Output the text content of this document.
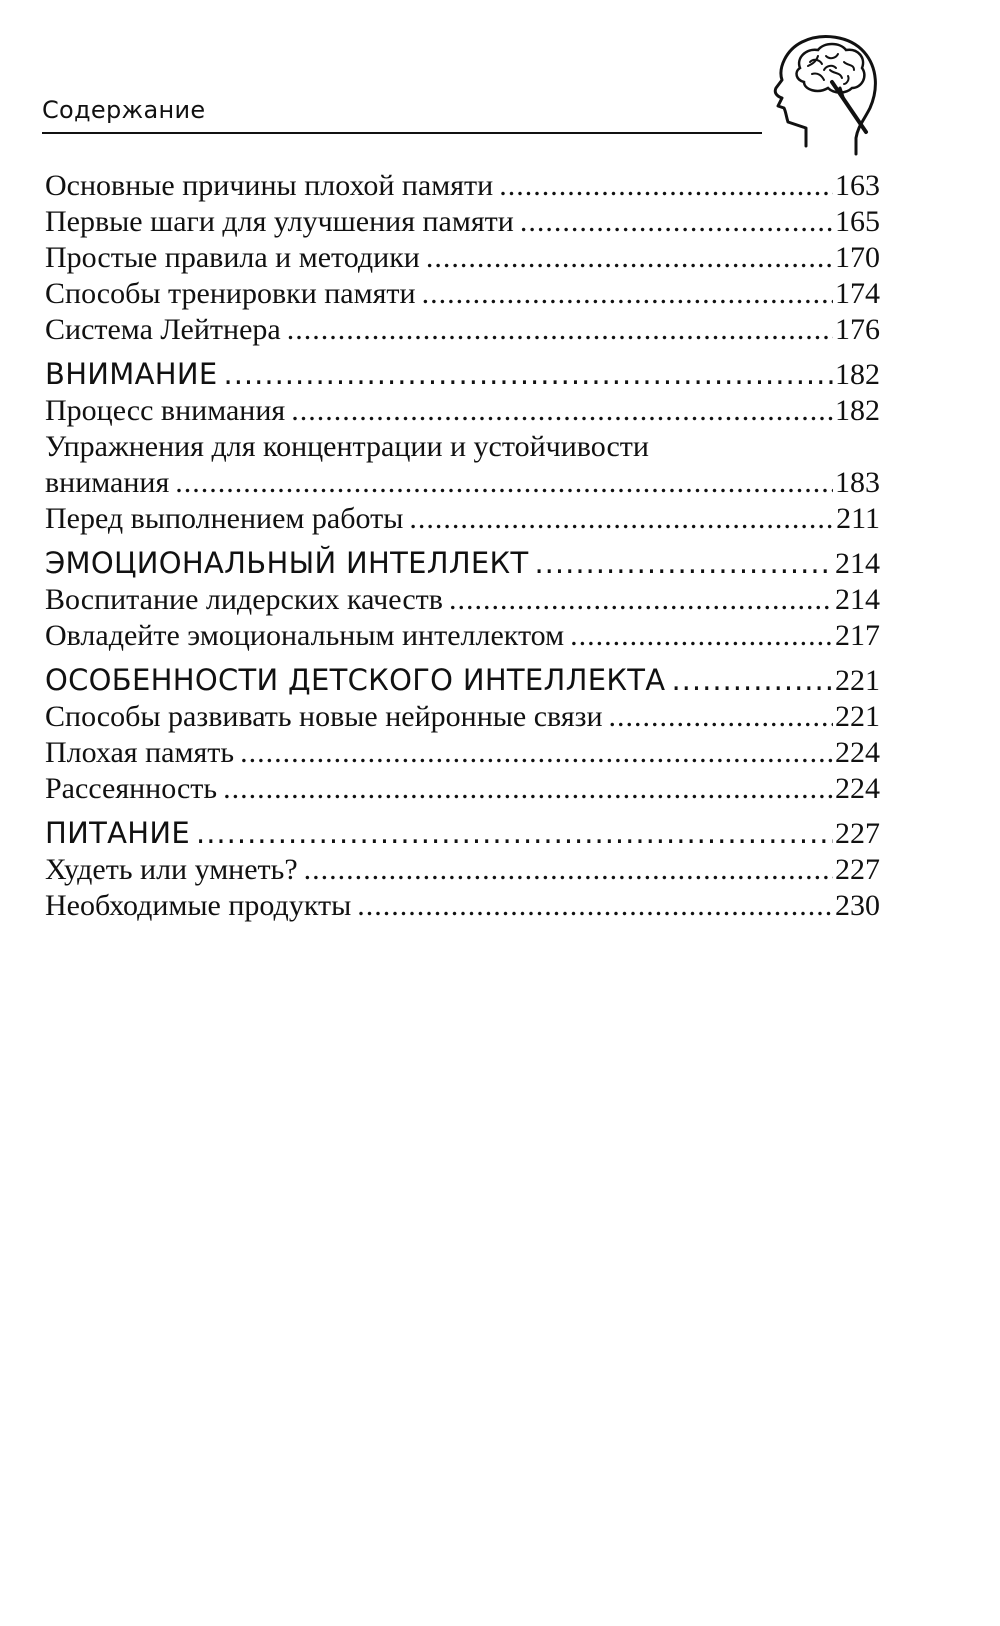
Содержание
Основные причины плохой памяти .....	163
Первые шаги для улучшения памяти .....	165
Простые правила и методики .....	170
Способы тренировки памяти .....	174
Система Лейтнера .....	176
ВНИМАНИЕ .....	182
Процесс внимания .....	182
Упражнения для концентрации и устойчивости
внимания .....	183
Перед выполнением работы .....	211
ЭМОЦИОНАЛЬНЫЙ ИНТЕЛЛЕКТ .....	214
Воспитание лидерских качеств .....	214
Овладейте эмоциональным интеллектом .....	217
ОСОБЕННОСТИ ДЕТСКОГО ИНТЕЛЛЕКТА .....	221
Способы развивать новые нейронные связи .....	221
Плохая память .....	224
Рассеянность .....	224
ПИТАНИЕ .....	227
Худеть или умнеть? .....	227
Необходимые продукты .....	230
